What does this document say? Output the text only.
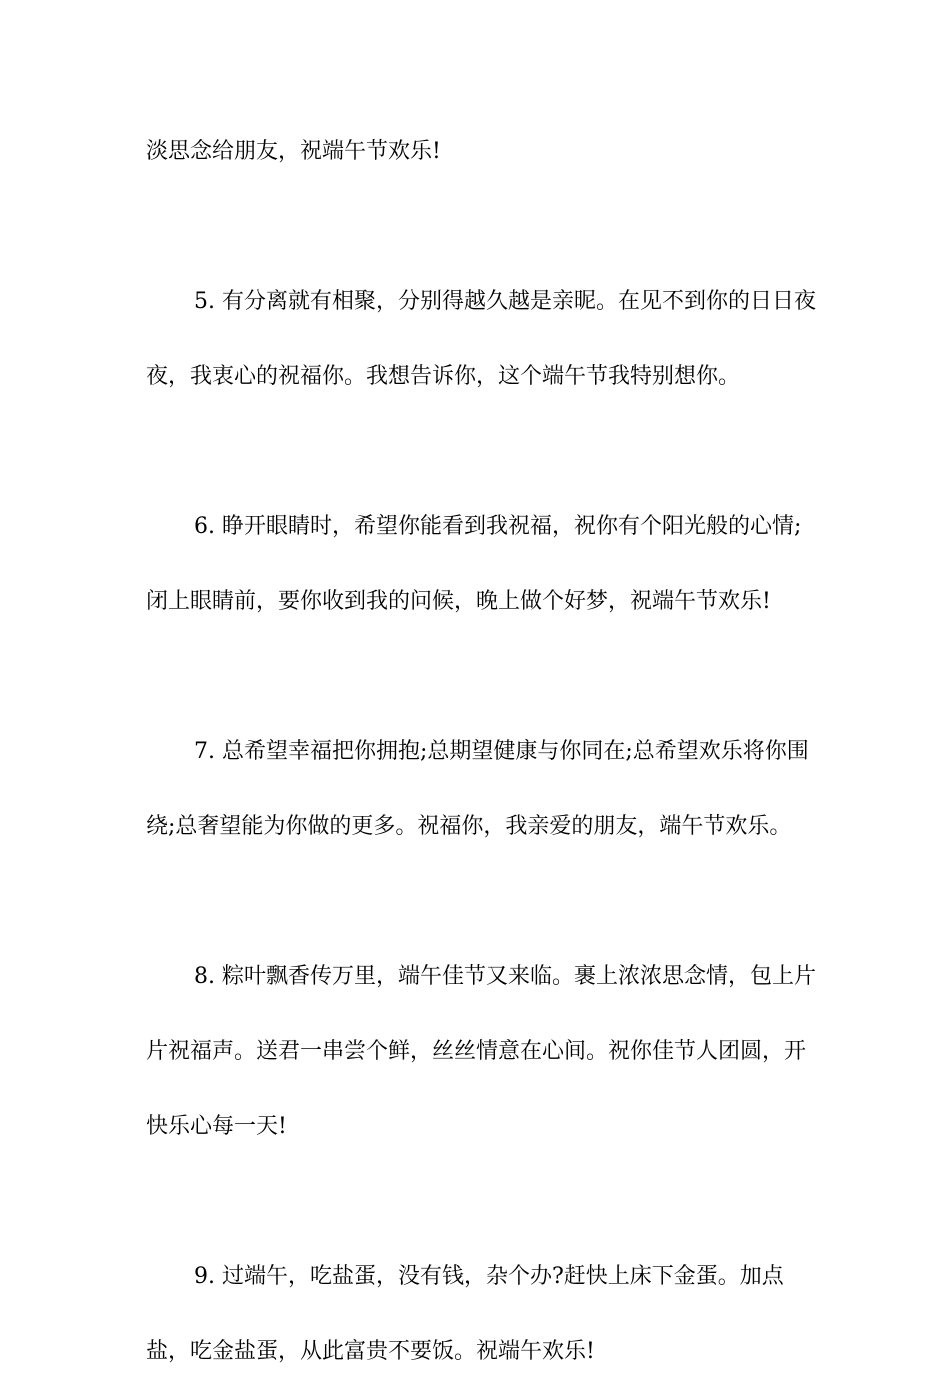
淡思念给朋友，祝端午节欢乐!

5. 有分离就有相聚，分别得越久越是亲昵。在见不到你的日日夜夜，我衷心的祝福你。我想告诉你，这个端午节我特别想你。

6. 睁开眼睛时，希望你能看到我祝福，祝你有个阳光般的心情;闭上眼睛前，要你收到我的问候，晚上做个好梦，祝端午节欢乐!

7. 总希望幸福把你拥抱;总期望健康与你同在;总希望欢乐将你围绕;总奢望能为你做的更多。祝福你，我亲爱的朋友，端午节欢乐。

8. 粽叶飘香传万里，端午佳节又来临。裹上浓浓思念情，包上片片祝福声。送君一串尝个鲜，丝丝情意在心间。祝你佳节人团圆，开快乐心每一天!

9. 过端午，吃盐蛋，没有钱，杂个办?赶快上床下金蛋。加点盐，吃金盐蛋，从此富贵不要饭。祝端午欢乐!
